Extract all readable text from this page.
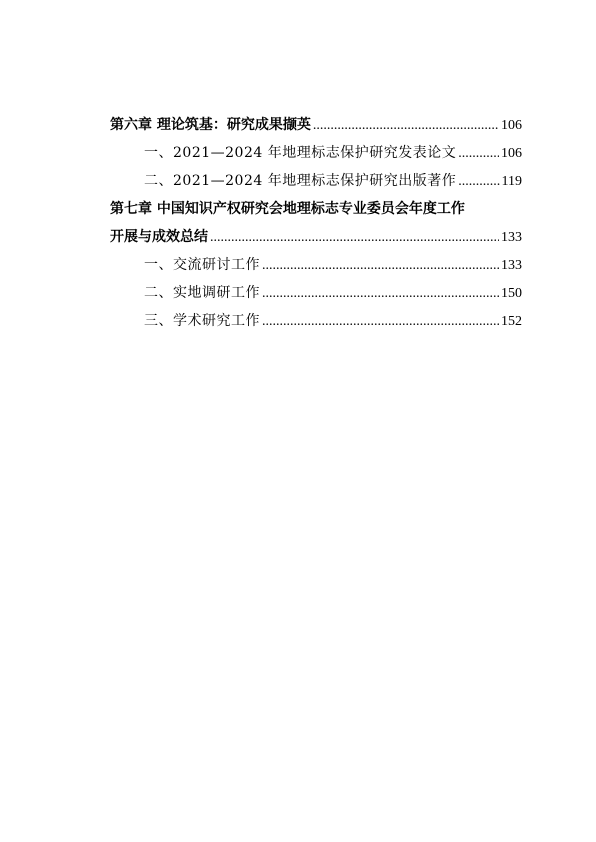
第六章 理论筑基：研究成果撷英 .....	106
一、2021—2024 年地理标志保护研究发表论文 .....	106
二、2021—2024 年地理标志保护研究出版著作 .....	119
第七章 中国知识产权研究会地理标志专业委员会年度工作
开展与成效总结 .....	133
一、交流研讨工作 .....	133
二、实地调研工作 .....	150
三、学术研究工作 .....	152
